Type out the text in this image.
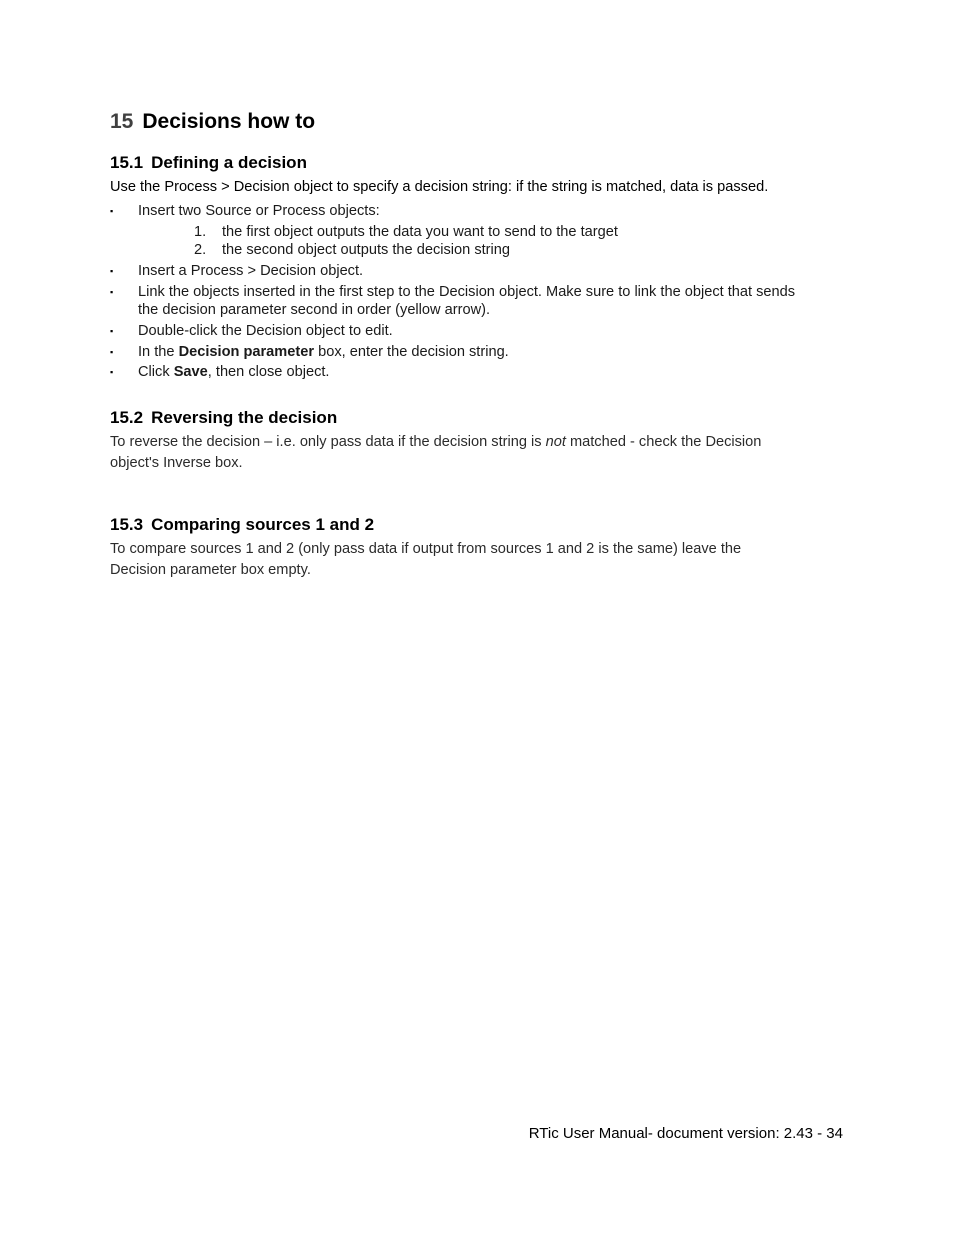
15 Decisions how to
15.1 Defining a decision
Use the Process > Decision object to specify a decision string: if the string is matched, data is passed.
▪ Insert two Source or Process objects:
1. the first object outputs the data you want to send to the target
2. the second object outputs the decision string
▪ Insert a Process > Decision object.
▪ Link the objects inserted in the first step to the Decision object. Make sure to link the object that sends
the decision parameter second in order (yellow arrow).
▪ Double-click the Decision object to edit.
▪ In the Decision parameter box, enter the decision string.
▪ Click Save, then close object.
15.2 Reversing the decision
To reverse the decision – i.e. only pass data if the decision string is not matched - check the Decision
object's Inverse box.
15.3 Comparing sources 1 and 2
To compare sources 1 and 2 (only pass data if output from sources 1 and 2 is the same) leave the
Decision parameter box empty.
RTic User Manual- document version: 2.43 - 34
